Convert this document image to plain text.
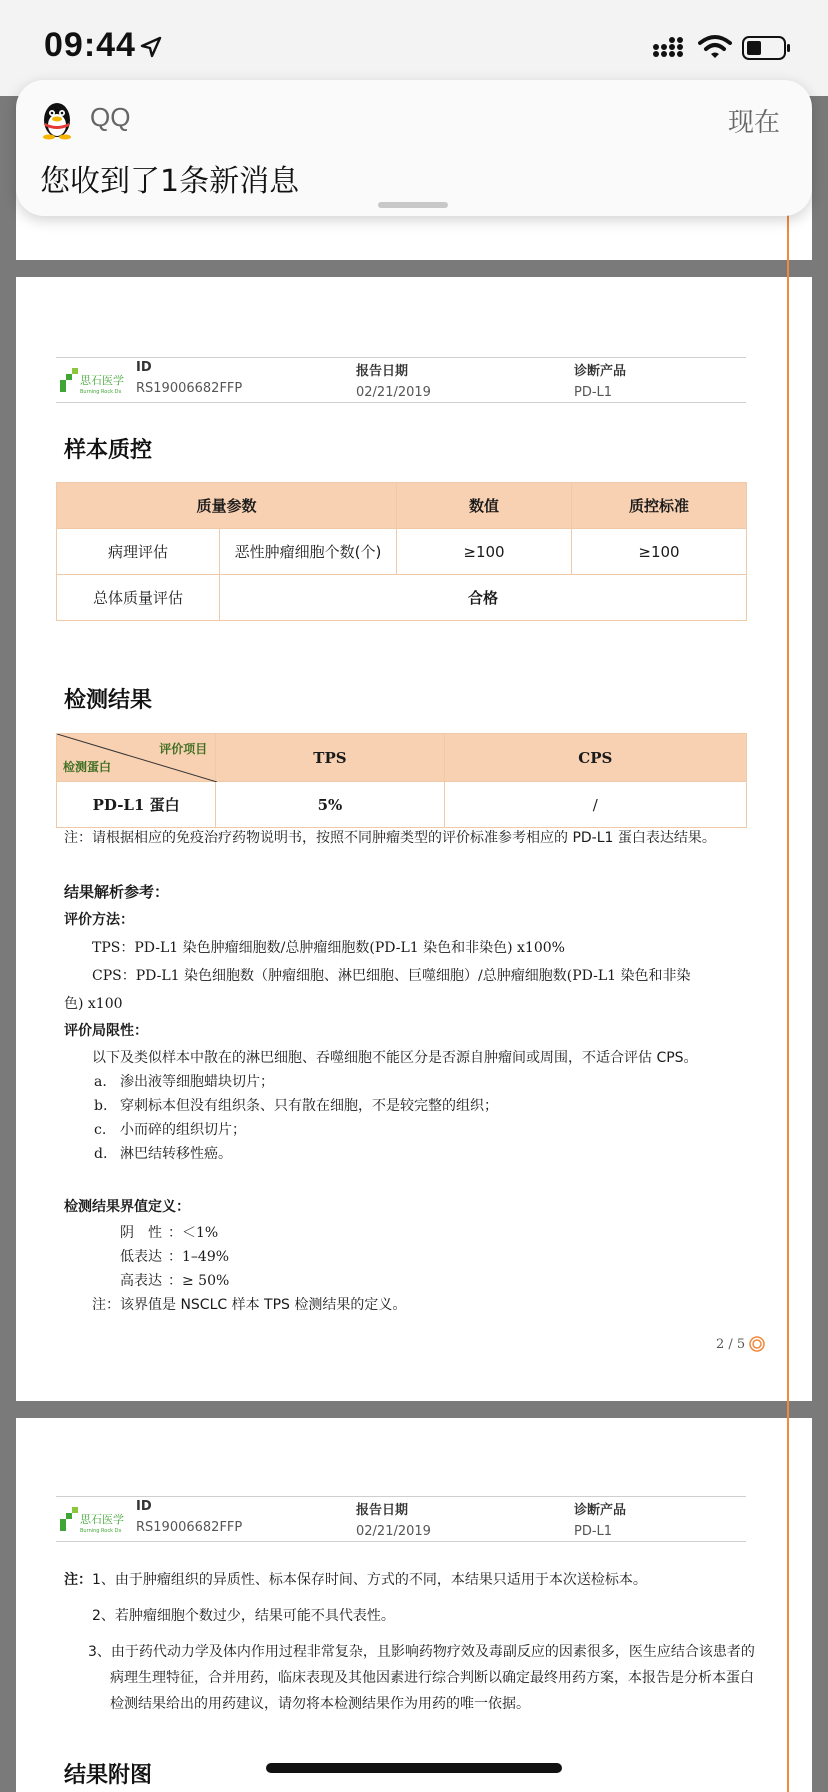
09:44
QQ	现在
您收到了1条新消息
思石医学
Burning Rock Dx
ID
RS19006682FFP
报告日期
02/21/2019
诊断产品
PD-L1
样本质控
质量参数		数值	质控标准
病理评估	恶性肿瘤细胞个数(个)	≥100	≥100
总体质量评估	合格		
检测结果
评价项目
检测蛋白	TPS	CPS
PD-L1 蛋白	5%	/
注：请根据相应的免疫治疗药物说明书，按照不同肿瘤类型的评价标准参考相应的 PD-L1 蛋白表达结果。
结果解析参考：
评价方法：
TPS：PD-L1 染色肿瘤细胞数/总肿瘤细胞数(PD-L1 染色和非染色) x100%
CPS：PD-L1 染色细胞数（肿瘤细胞、淋巴细胞、巨噬细胞）/总肿瘤细胞数(PD-L1 染色和非染
色) x100
评价局限性：
以下及类似样本中散在的淋巴细胞、吞噬细胞不能区分是否源自肿瘤间或周围，不适合评估 CPS。
a. 渗出液等细胞蜡块切片；
b. 穿刺标本但没有组织条、只有散在细胞，不是较完整的组织；
c. 小而碎的组织切片；
d. 淋巴结转移性癌。
检测结果界值定义：
阴　性 ：＜1%
低表达 ：1–49%
高表达 ：≥ 50%
注：该界值是 NSCLC 样本 TPS 检测结果的定义。
2 / 5
思石医学
Burning Rock Dx
ID
RS19006682FFP
报告日期
02/21/2019
诊断产品
PD-L1
注： 1、由于肿瘤组织的异质性、标本保存时间、方式的不同，本结果只适用于本次送检标本。
2、若肿瘤细胞个数过少，结果可能不具代表性。
3、由于药代动力学及体内作用过程非常复杂，且影响药物疗效及毒副反应的因素很多，医生应结合该患者的
病理生理特征，合并用药，临床表现及其他因素进行综合判断以确定最终用药方案，本报告是分析本蛋白
检测结果给出的用药建议，请勿将本检测结果作为用药的唯一依据。
结果附图
